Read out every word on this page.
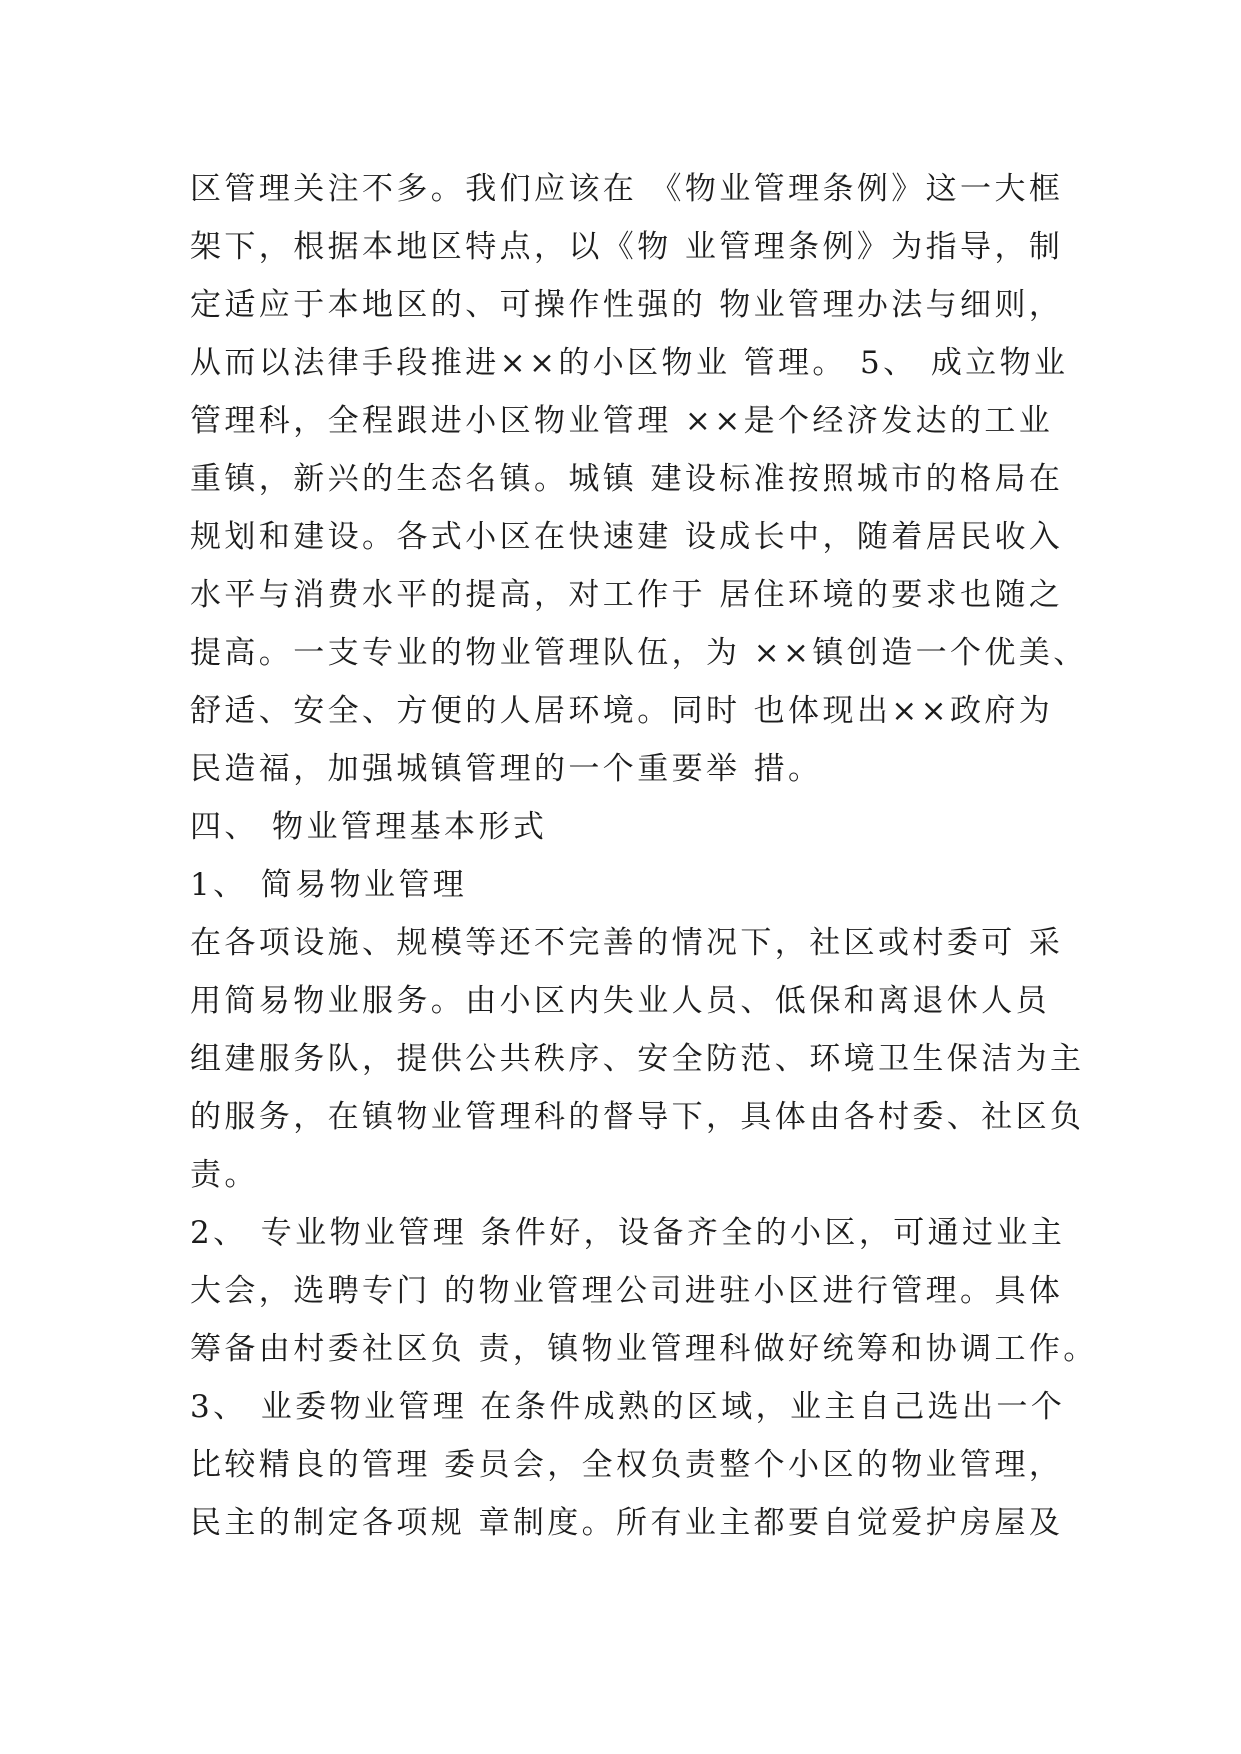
区管理关注不多。我们应该在 《物业管理条例》这一大框
架下，根据本地区特点，以《物 业管理条例》为指导，制
定适应于本地区的、可操作性强的 物业管理办法与细则，
从而以法律手段推进××的小区物业 管理。 5、 成立物业
管理科，全程跟进小区物业管理 ××是个经济发达的工业
重镇，新兴的生态名镇。城镇 建设标准按照城市的格局在
规划和建设。各式小区在快速建 设成长中，随着居民收入
水平与消费水平的提高，对工作于 居住环境的要求也随之
提高。一支专业的物业管理队伍，为 ××镇创造一个优美、
舒适、安全、方便的人居环境。同时 也体现出××政府为
民造福，加强城镇管理的一个重要举 措。
四、 物业管理基本形式
1、 简易物业管理
在各项设施、规模等还不完善的情况下，社区或村委可 采
用简易物业服务。由小区内失业人员、低保和离退休人员
组建服务队，提供公共秩序、安全防范、环境卫生保洁为主
的服务，在镇物业管理科的督导下，具体由各村委、社区负
责。
2、 专业物业管理 条件好，设备齐全的小区，可通过业主
大会，选聘专门 的物业管理公司进驻小区进行管理。具体
筹备由村委社区负 责，镇物业管理科做好统筹和协调工作。
3、 业委物业管理 在条件成熟的区域，业主自己选出一个
比较精良的管理 委员会，全权负责整个小区的物业管理，
民主的制定各项规 章制度。所有业主都要自觉爱护房屋及
